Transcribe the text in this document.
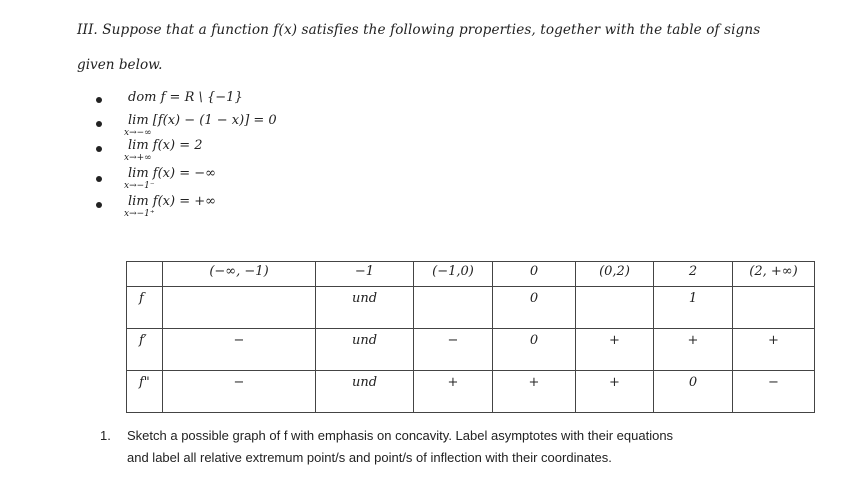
III. Suppose that a function f(x) satisfies the following properties, together with the table of signs
given below.
dom f = R \ {−1}
lim [f(x) − (1 − x)] = 0
x→−∞
lim f(x) = 2
x→+∞
lim f(x) = −∞
x→−1⁻
lim f(x) = +∞
x→−1⁺
	(−∞, −1)	−1	(−1,0)	0	(0,2)	2	(2, +∞)
f		und		0		1	
f′	−	und	−	0	+	+	+
f"	−	und	+	+	+	0	−
1. Sketch a possible graph of f with emphasis on concavity. Label asymptotes with their equations
and label all relative extremum point/s and point/s of inflection with their coordinates.
